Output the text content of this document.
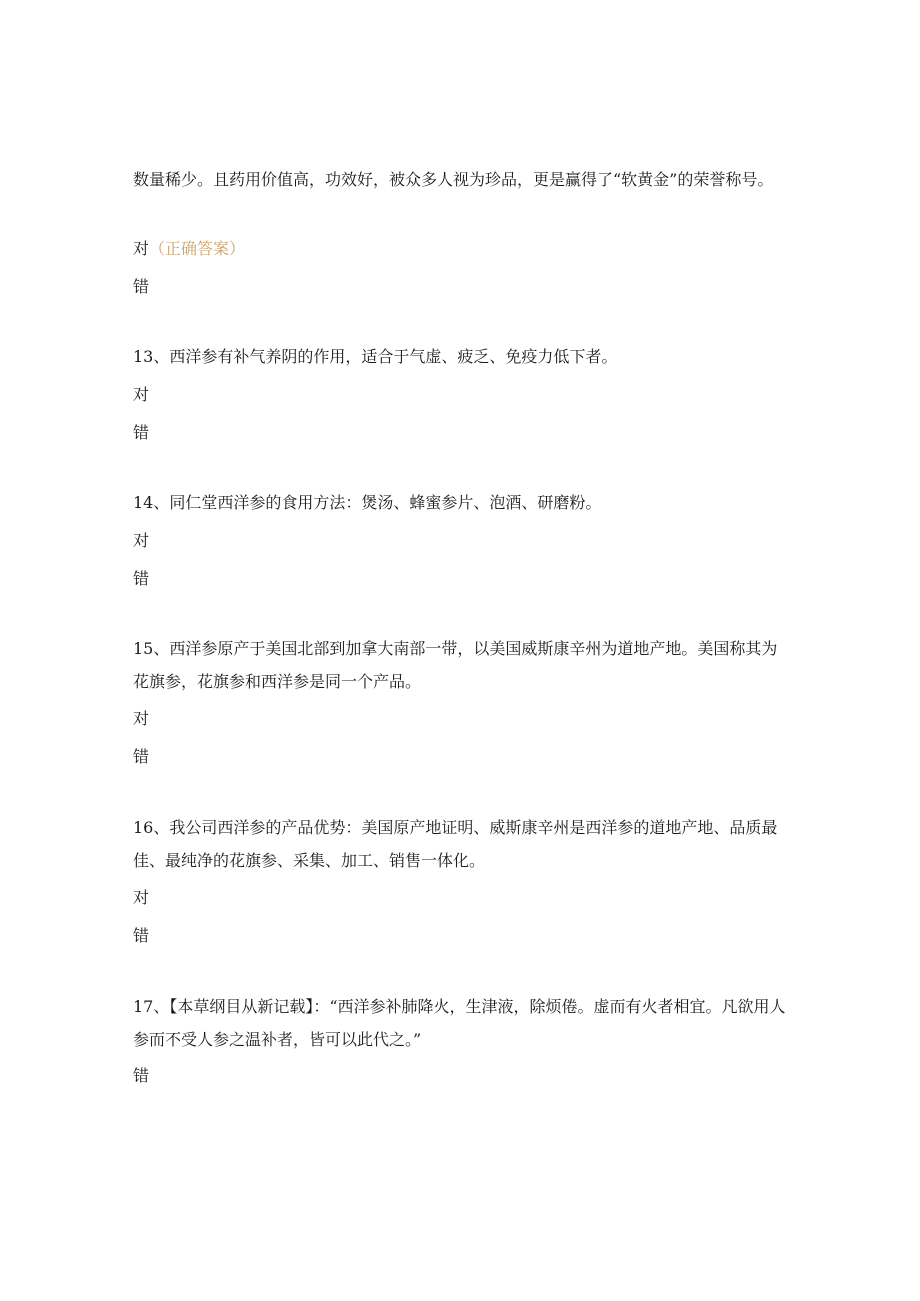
数量稀少。且药用价值高，功效好，被众多人视为珍品，更是赢得了“软黄金”的荣誉称号。

对（正确答案）

错

13、西洋参有补气养阴的作用，适合于气虚、疲乏、免疫力低下者。

对

错

14、同仁堂西洋参的食用方法：煲汤、蜂蜜参片、泡酒、研磨粉。

对

错

15、西洋参原产于美国北部到加拿大南部一带，以美国威斯康辛州为道地产地。美国称其为花旗参，花旗参和西洋参是同一个产品。

对

错

16、我公司西洋参的产品优势：美国原产地证明、威斯康辛州是西洋参的道地产地、品质最佳、最纯净的花旗参、采集、加工、销售一体化。

对

错

17、【本草纲目从新记载】：“西洋参补肺降火，生津液，除烦倦。虚而有火者相宜。凡欲用人参而不受人参之温补者，皆可以此代之。”

错
